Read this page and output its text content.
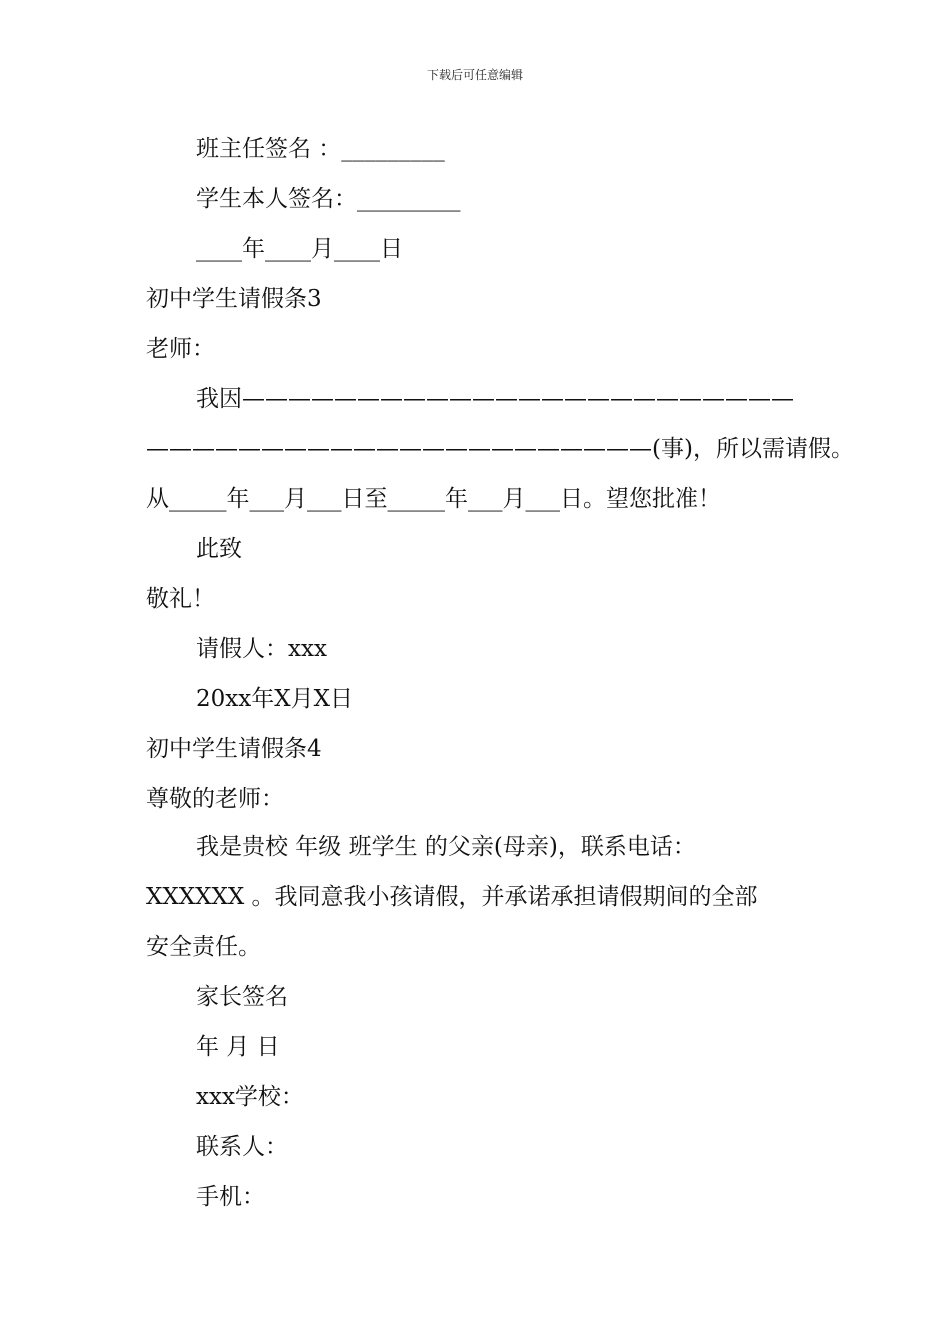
下载后可任意编辑
班主任签名 ：_________
学生本人签名：_________
____年____月____日
初中学生请假条3
老师：
我因————————————————————————
——————————————————————(事)，所以需请假。
从_____年___月___日至_____年___月___日。望您批准！
此致
敬礼！
请假人：xxx
20xx年X月X日
初中学生请假条4
尊敬的老师：
我是贵校 年级 班学生 的父亲(母亲)，联系电话：
XXXXXX 。我同意我小孩请假，并承诺承担请假期间的全部
安全责任。
家长签名
年 月 日
xxx学校：
联系人：
手机：
